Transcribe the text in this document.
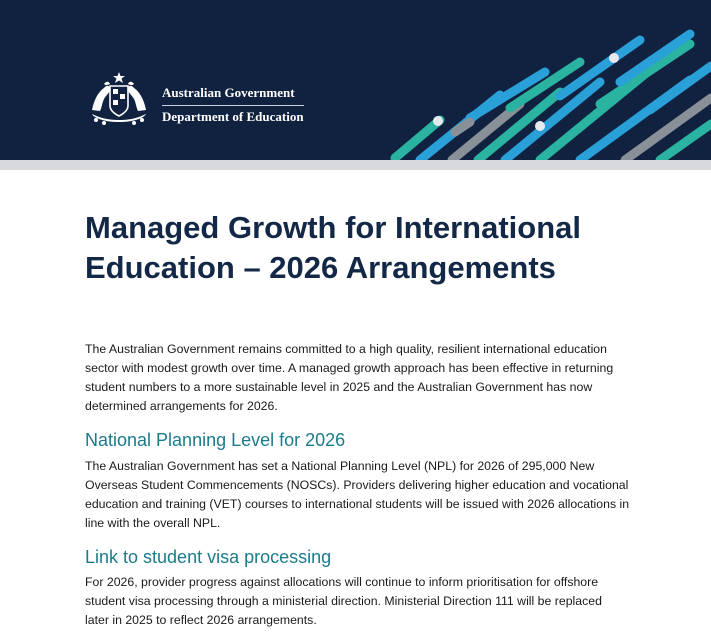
Australian Government
Department of Education
Managed Growth for International
Education – 2026 Arrangements

The Australian Government remains committed to a high quality, resilient international education
sector with modest growth over time. A managed growth approach has been effective in returning
student numbers to a more sustainable level in 2025 and the Australian Government has now
determined arrangements for 2026.

National Planning Level for 2026

The Australian Government has set a National Planning Level (NPL) for 2026 of 295,000 New
Overseas Student Commencements (NOSCs). Providers delivering higher education and vocational
education and training (VET) courses to international students will be issued with 2026 allocations in
line with the overall NPL.

Link to student visa processing

For 2026, provider progress against allocations will continue to inform prioritisation for offshore
student visa processing through a ministerial direction. Ministerial Direction 111 will be replaced
later in 2025 to reflect 2026 arrangements.
